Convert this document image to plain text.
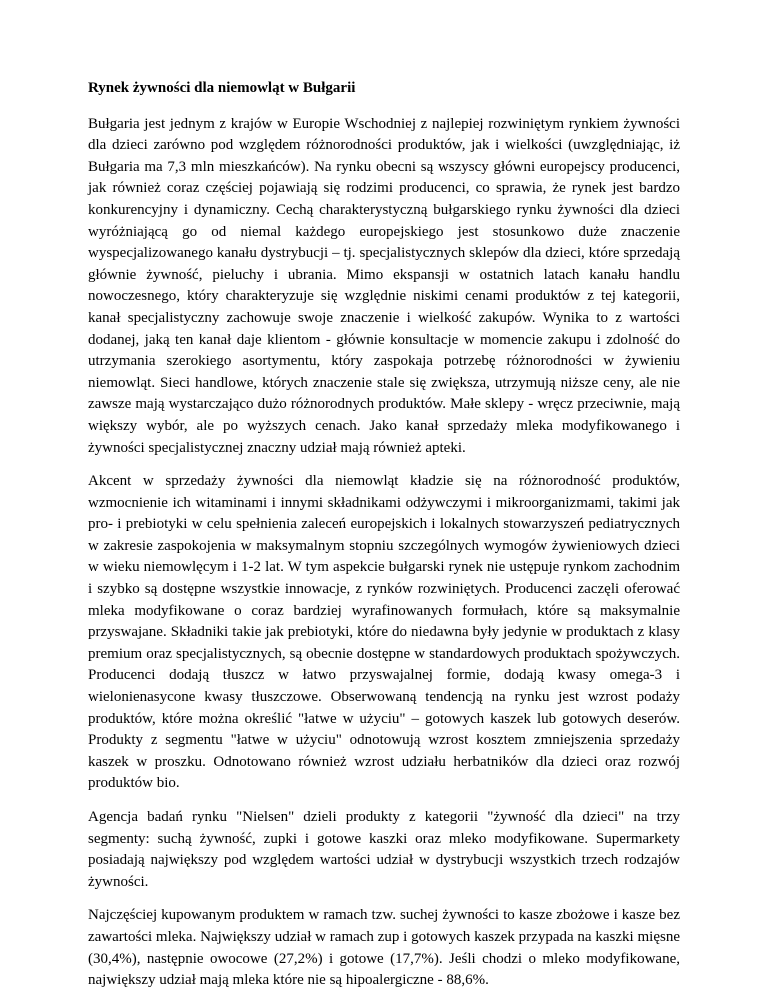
Rynek żywności dla niemowląt w Bułgarii

Bułgaria jest jednym z krajów w Europie Wschodniej z najlepiej rozwiniętym rynkiem żywności dla dzieci zarówno pod względem różnorodności produktów, jak i wielkości (uwzględniając, iż Bułgaria ma 7,3 mln mieszkańców). Na rynku obecni są wszyscy główni europejscy producenci, jak również coraz częściej pojawiają się rodzimi producenci, co sprawia, że rynek jest bardzo konkurencyjny i dynamiczny. Cechą charakterystyczną bułgarskiego rynku żywności dla dzieci wyróżniającą go od niemal każdego europejskiego jest stosunkowo duże znaczenie wyspecjalizowanego kanału dystrybucji – tj. specjalistycznych sklepów dla dzieci, które sprzedają głównie żywność, pieluchy i ubrania. Mimo ekspansji w ostatnich latach kanału handlu nowoczesnego, który charakteryzuje się względnie niskimi cenami produktów z tej kategorii, kanał specjalistyczny zachowuje swoje znaczenie i wielkość zakupów. Wynika to z wartości dodanej, jaką ten kanał daje klientom - głównie konsultacje w momencie zakupu i zdolność do utrzymania szerokiego asortymentu, który zaspokaja potrzebę różnorodności w żywieniu niemowląt. Sieci handlowe, których znaczenie stale się zwiększa, utrzymują niższe ceny, ale nie zawsze mają wystarczająco dużo różnorodnych produktów. Małe sklepy - wręcz przeciwnie, mają większy wybór, ale po wyższych cenach. Jako kanał sprzedaży mleka modyfikowanego i żywności specjalistycznej znaczny udział mają również apteki.

Akcent w sprzedaży żywności dla niemowląt kładzie się na różnorodność produktów, wzmocnienie ich witaminami i innymi składnikami odżywczymi i mikroorganizmami, takimi jak pro- i prebiotyki w celu spełnienia zaleceń europejskich i lokalnych stowarzyszeń pediatrycznych w zakresie zaspokojenia w maksymalnym stopniu szczególnych wymogów żywieniowych dzieci w wieku niemowlęcym i 1-2 lat. W tym aspekcie bułgarski rynek nie ustępuje rynkom zachodnim i szybko są dostępne wszystkie innowacje, z rynków rozwiniętych. Producenci zaczęli oferować mleka modyfikowane o coraz bardziej wyrafinowanych formułach, które są maksymalnie przyswajane. Składniki takie jak prebiotyki, które do niedawna były jedynie w produktach z klasy premium oraz specjalistycznych, są obecnie dostępne w standardowych produktach spożywczych. Producenci dodają tłuszcz w łatwo przyswajalnej formie, dodają kwasy omega-3 i wielonienasycone kwasy tłuszczowe. Obserwowaną tendencją na rynku jest wzrost podaży produktów, które można określić "łatwe w użyciu" – gotowych kaszek lub gotowych deserów. Produkty z segmentu "łatwe w użyciu" odnotowują wzrost kosztem zmniejszenia sprzedaży kaszek w proszku. Odnotowano również wzrost udziału herbatników dla dzieci oraz rozwój produktów bio.

Agencja badań rynku "Nielsen" dzieli produkty z kategorii "żywność dla dzieci" na trzy segmenty: suchą żywność, zupki i gotowe kaszki oraz mleko modyfikowane. Supermarkety posiadają największy pod względem wartości udział w dystrybucji wszystkich trzech rodzajów żywności.

Najczęściej kupowanym produktem w ramach tzw. suchej żywności to kasze zbożowe i kasze bez zawartości mleka. Największy udział w ramach zup i gotowych kaszek przypada na kaszki mięsne (30,4%), następnie owocowe (27,2%) i gotowe (17,7%). Jeśli chodzi o mleko modyfikowane, największy udział mają mleka które nie są hipoalergiczne - 88,6%.
